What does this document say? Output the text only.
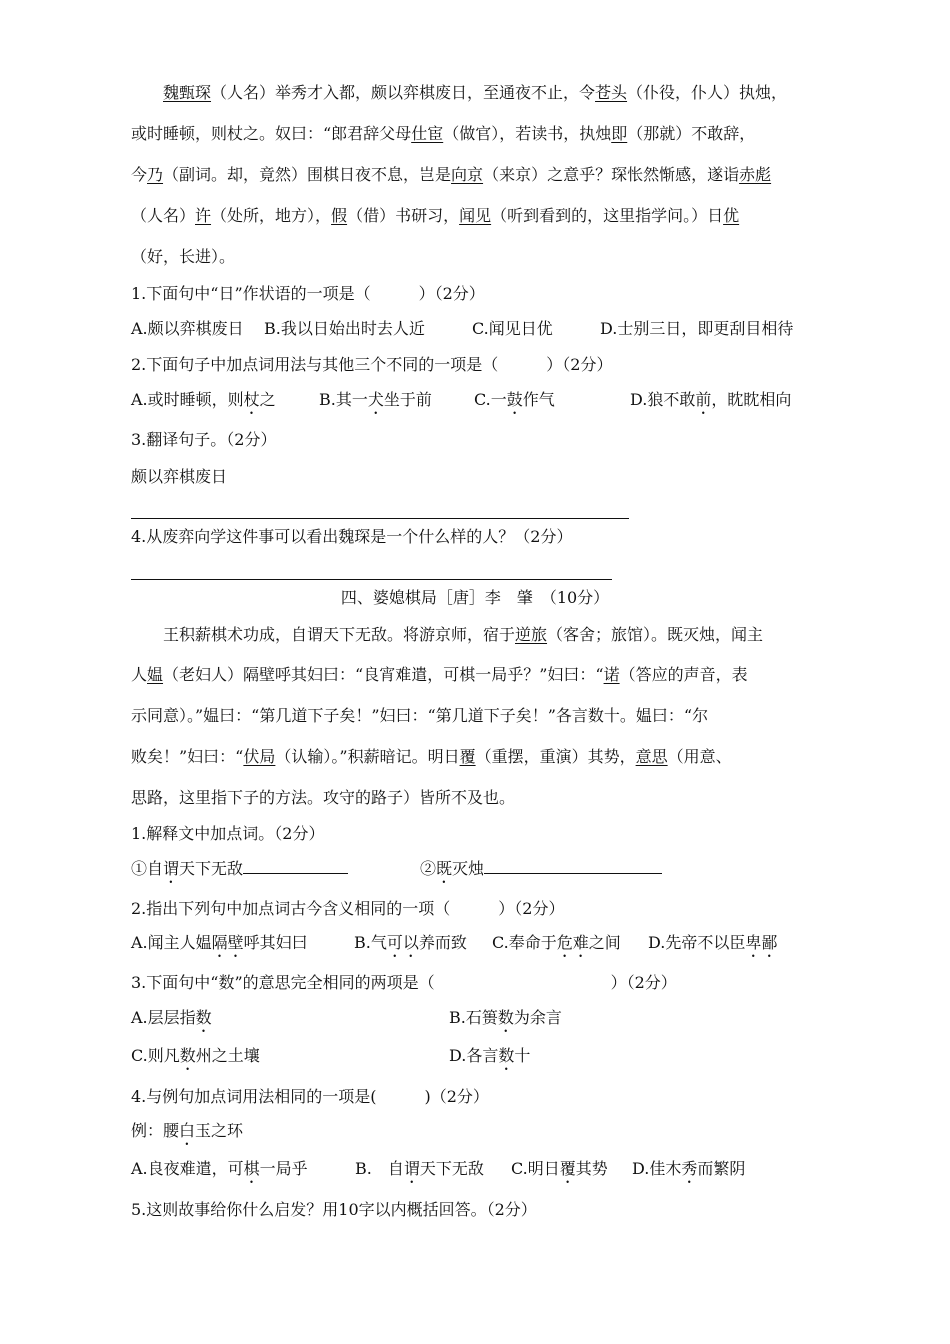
魏甄琛（人名）举秀才入都，颇以弈棋废日，至通夜不止，令苍头（仆役，仆人）执烛，
或时睡顿，则杖之。奴曰：“郎君辞父母仕宦（做官），若读书，执烛即（那就）不敢辞，
今乃（副词。却，竟然）围棋日夜不息，岂是向京（来京）之意乎？琛怅然惭感，遂诣赤彪
（人名）许（处所，地方），假（借）书研习，闻见（听到看到的，这里指学问。）日优
（好，长进）。
1.下面句中“日”作状语的一项是（　　　）（2分）
A.颇以弈棋废日 B.我以日始出时去人近	C.闻见日优	D.士别三日，即更刮目相待
2.下面句子中加点词用法与其他三个不同的一项是（　　　）（2分）
A.或时睡顿，则杖之	B.其一犬坐于前	C.一鼓作气	D.狼不敢前，眈眈相向
3.翻译句子。（2分）
颇以弈棋废日
4.从废弈向学这件事可以看出魏琛是一个什么样的人？（2分）
四、婆媳棋局［唐］李　肇　（10分）
王积薪棋术功成，自谓天下无敌。将游京师，宿于逆旅（客舍；旅馆）。既灭烛，闻主
人媪（老妇人）隔壁呼其妇曰：“良宵难遣，可棋一局乎？”妇曰：“诺（答应的声音，表
示同意）。”媪曰：“第几道下子矣！”妇曰：“第几道下子矣！”各言数十。媪曰：“尔
败矣！”妇曰：“伏局（认输）。”积薪暗记。明日覆（重摆，重演）其势，意思（用意、
思路，这里指下子的方法。攻守的路子）皆所不及也。
1.解释文中加点词。（2分）
①自谓天下无敌	②既灭烛
2.指出下列句中加点词古今含义相同的一项（　　　）（2分）
A.闻主人媪隔壁呼其妇曰	B.气可以养而致 C.奉命于危难之间 D.先帝不以臣卑鄙
3.下面句中“数”的意思完全相同的两项是（　　　　　　　　　　　）（2分）
A.层层指数	B.石篑数为余言
C.则凡数州之土壤	D.各言数十
4.与例句加点词用法相同的一项是(　　　)（2分）
例：腰白玉之环
A.良夜难遣，可棋一局乎	B.　自谓天下无敌 C.明日覆其势 D.佳木秀而繁阴
5.这则故事给你什么启发？用10字以内概括回答。（2分）
